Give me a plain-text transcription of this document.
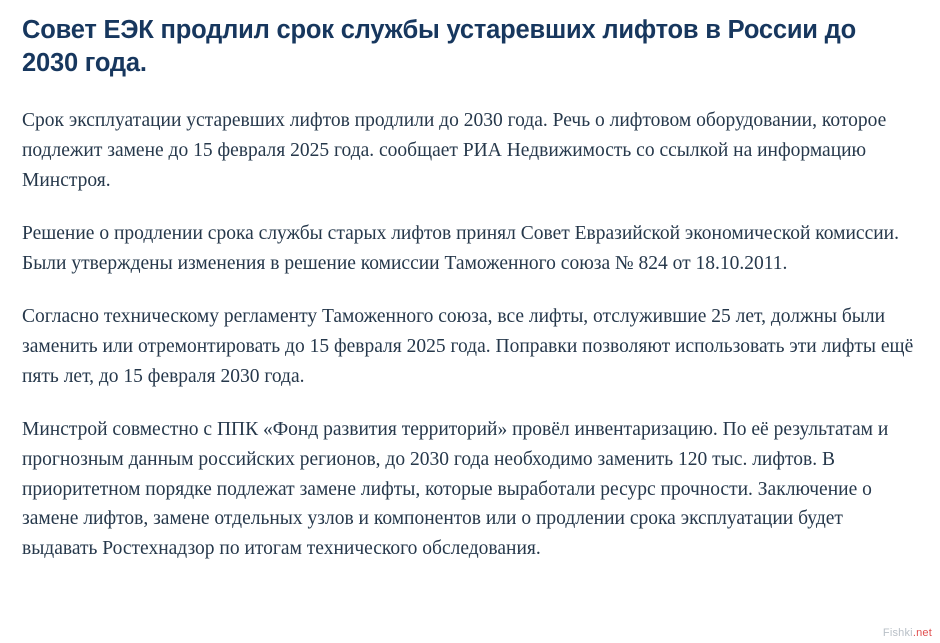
Совет ЕЭК продлил срок службы устаревших лифтов в России до 2030 года.

Срок эксплуатации устаревших лифтов продлили до 2030 года. Речь о лифтовом оборудовании, которое подлежит замене до 15 февраля 2025 года. сообщает РИА Недвижимость со ссылкой на информацию Минстроя.

Решение о продлении срока службы старых лифтов принял Совет Евразийской экономической комиссии. Были утверждены изменения в решение комиссии Таможенного союза № 824 от 18.10.2011.

Согласно техническому регламенту Таможенного союза, все лифты, отслужившие 25 лет, должны были заменить или отремонтировать до 15 февраля 2025 года. Поправки позволяют использовать эти лифты ещё пять лет, до 15 февраля 2030 года.

Минстрой совместно с ППК «Фонд развития территорий» провёл инвентаризацию. По её результатам и прогнозным данным российских регионов, до 2030 года необходимо заменить 120 тыс. лифтов. В приоритетном порядке подлежат замене лифты, которые выработали ресурс прочности. Заключение о замене лифтов, замене отдельных узлов и компонентов или о продлении срока эксплуатации будет выдавать Ростехнадзор по итогам технического обследования.

Fishki.net
